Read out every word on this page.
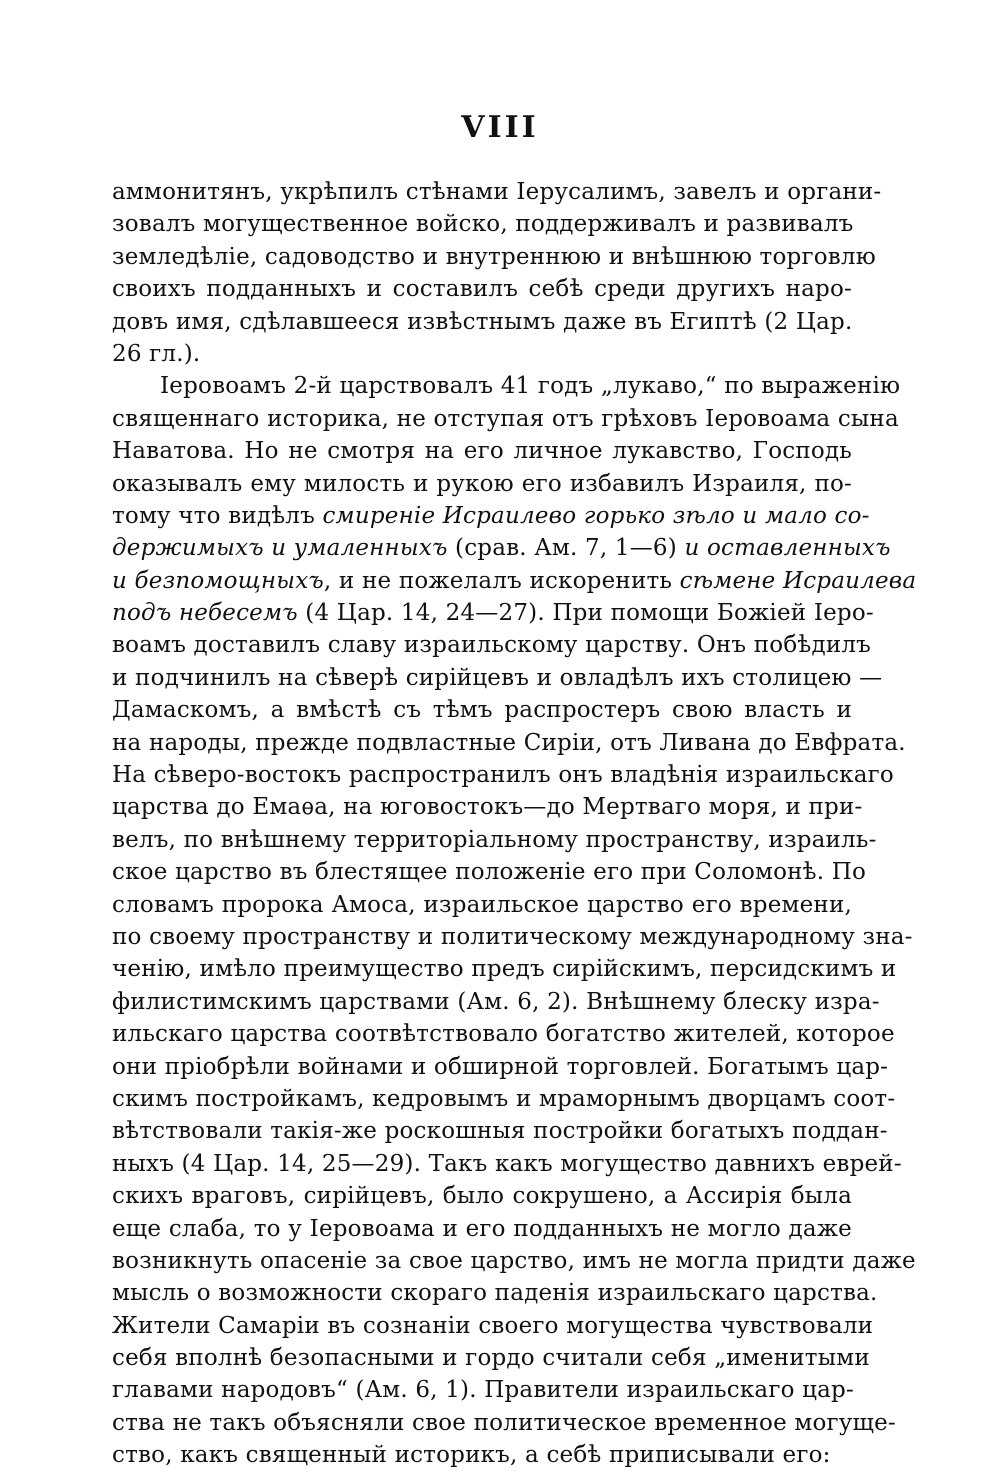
VIII
аммонитянъ, укрѣпилъ стѣнами Іерусалимъ, завелъ и органи-
зовалъ могущественное войско, поддерживалъ и развивалъ
земледѣліе, садоводство и внутреннюю и внѣшнюю торговлю
своихъ подданныхъ и составилъ себѣ среди другихъ наро-
довъ имя, сдѣлавшееся извѣстнымъ даже въ Египтѣ (2 Цар.
26 гл.).
Іеровоамъ 2-й царствовалъ 41 годъ „лукаво,“ по выраженію
священнаго историка, не отступая отъ грѣховъ Іеровоама сына
Наватова. Но не смотря на его личное лукавство, Господь
оказывалъ ему милость и рукою его избавилъ Израиля, по-
тому что видѣлъ смиреніе Исраилево горько зѣло и мало со-
держимыхъ и умаленныхъ (срав. Ам. 7, 1—6) и оставленныхъ
и безпомощныхъ, и не пожелалъ искоренить сѣмене Исраилева
подъ небесемъ (4 Цар. 14, 24—27). При помощи Божіей Іеро-
воамъ доставилъ славу израильскому царству. Онъ побѣдилъ
и подчинилъ на сѣверѣ сирійцевъ и овладѣлъ ихъ столицею —
Дамаскомъ, а вмѣстѣ съ тѣмъ распростеръ свою власть и
на народы, прежде подвластные Сиріи, отъ Ливана до Евфрата.
На сѣверо-востокъ распространилъ онъ владѣнія израильскаго
царства до Емаѳа, на юговостокъ—до Мертваго моря, и при-
велъ, по внѣшнему территоріальному пространству, израиль-
ское царство въ блестящее положеніе его при Соломонѣ. По
словамъ пророка Амоса, израильское царство его времени,
по своему пространству и политическому международному зна-
ченію, имѣло преимущество предъ сирійскимъ, персидскимъ и
филистимскимъ царствами (Ам. 6, 2). Внѣшнему блеску изра-
ильскаго царства соотвѣтствовало богатство жителей, которое
они пріобрѣли войнами и обширной торговлей. Богатымъ цар-
скимъ постройкамъ, кедровымъ и мраморнымъ дворцамъ соот-
вѣтствовали такія-же роскошныя постройки богатыхъ поддан-
ныхъ (4 Цар. 14, 25—29). Такъ какъ могущество давнихъ еврей-
скихъ враговъ, сирійцевъ, было сокрушено, а Ассирія была
еще слаба, то у Іеровоама и его подданныхъ не могло даже
возникнуть опасеніе за свое царство, имъ не могла придти даже
мысль о возможности скораго паденія израильскаго царства.
Жители Самаріи въ сознаніи своего могущества чувствовали
себя вполнѣ безопасными и гордо считали себя „именитыми
главами народовъ“ (Ам. 6, 1). Правители израильскаго цар-
ства не такъ объясняли свое политическое временное могуще-
ство, какъ священный историкъ, а себѣ приписывали его:
